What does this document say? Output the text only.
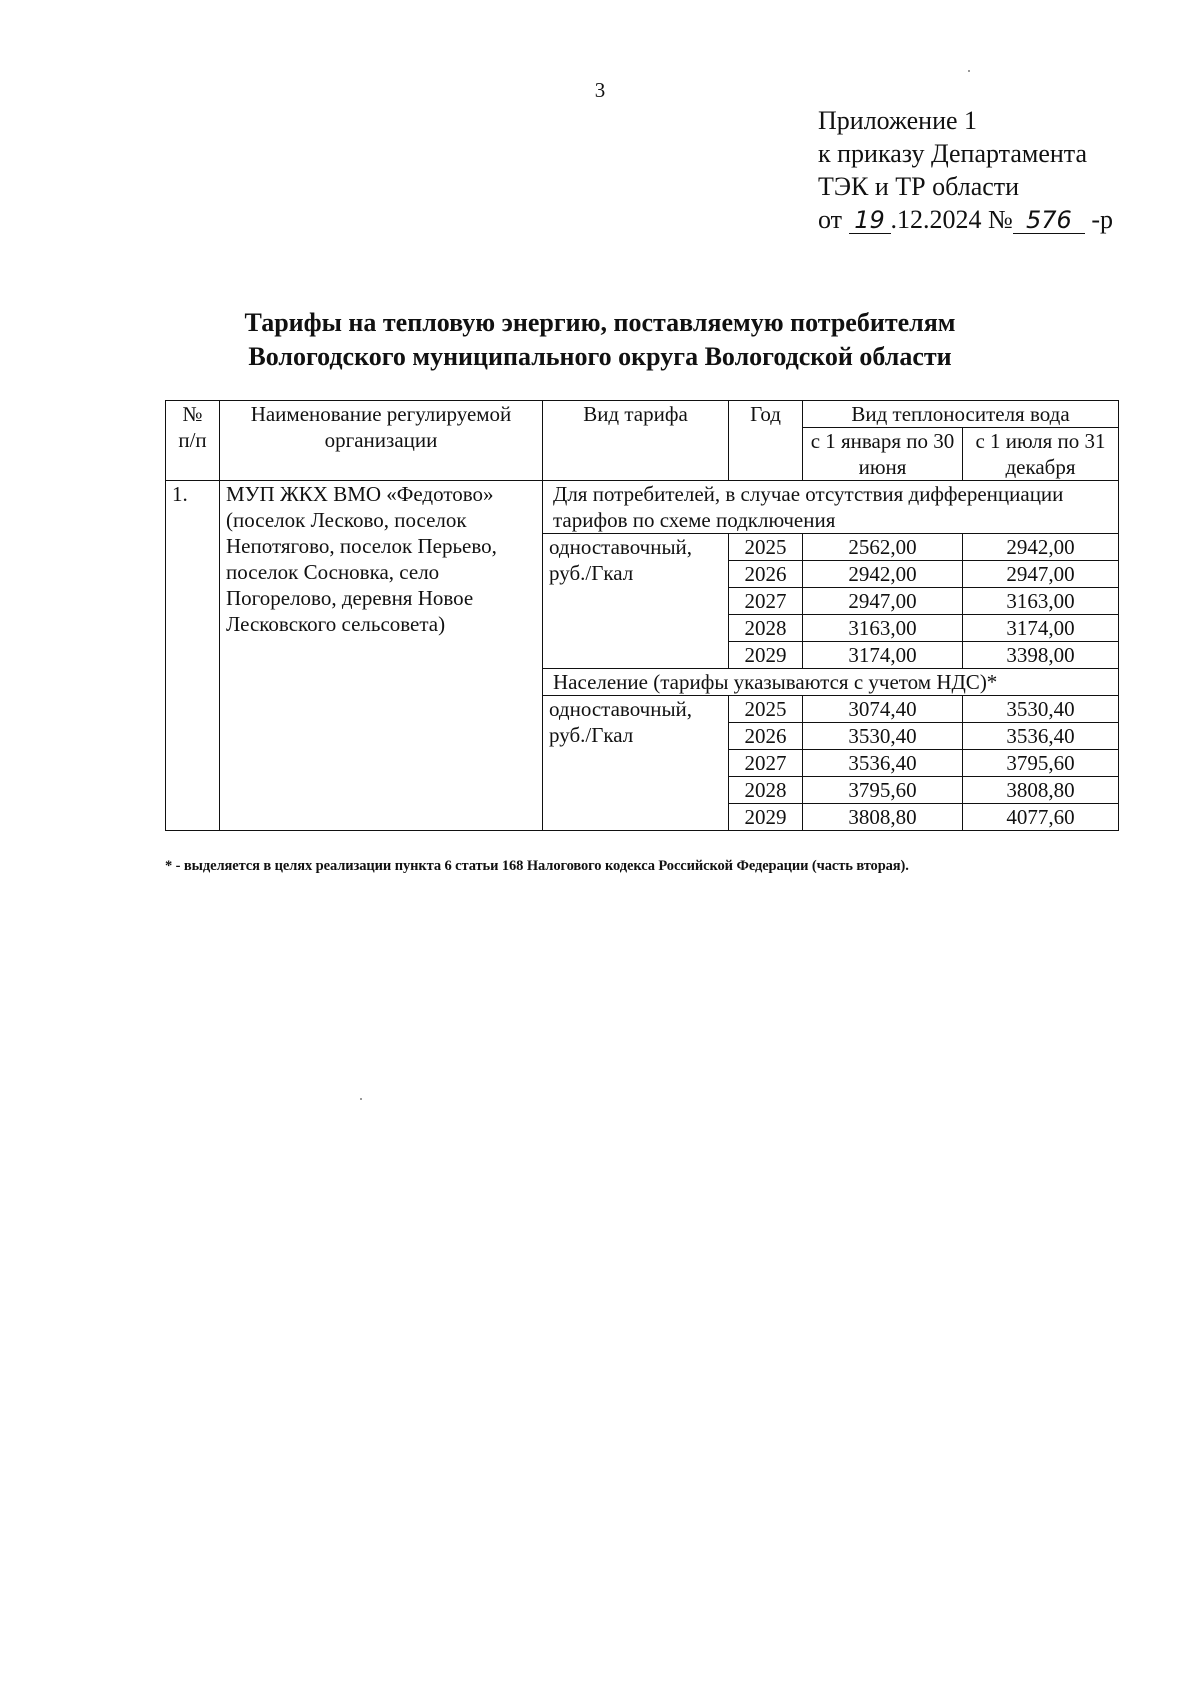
3
Приложение 1
к приказу Департамента
ТЭК и ТР области
от 19 .12.2024 № 576 -р
Тарифы на тепловую энергию, поставляемую потребителям
Вологодского муниципального округа Вологодской области
№ п/п	Наименование регулируемой организации	Вид тарифа	Год	Вид теплоносителя вода	
				с 1 января по 30 июня	с 1 июля по 31 декабря
1.	МУП ЖКХ ВМО «Федотово» (поселок Лесково, поселок Непотягово, поселок Перьево, поселок Сосновка, село Погорелово, деревня Новое Лесковского сельсовета)	Для потребителей, в случае отсутствия дифференциации тарифов по схеме подключения			
		одноставочный, руб./Гкал	2025	2562,00	2942,00
			2026	2942,00	2947,00
			2027	2947,00	3163,00
			2028	3163,00	3174,00
			2029	3174,00	3398,00
		Население (тарифы указываются с учетом НДС)*			
		одноставочный, руб./Гкал	2025	3074,40	3530,40
			2026	3530,40	3536,40
			2027	3536,40	3795,60
			2028	3795,60	3808,80
			2029	3808,80	4077,60
* - выделяется в целях реализации пункта 6 статьи 168 Налогового кодекса Российской Федерации (часть вторая).
